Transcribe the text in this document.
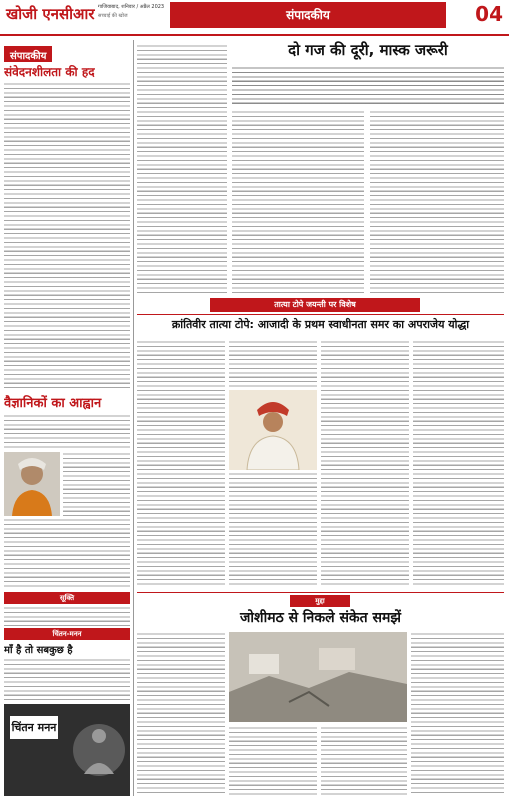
खोजी एनसीआर गाजियाबाद, शनिवार / अप्रैल 2023
सच्चाई की खोज	संपादकीय	04
संपादकीय
संवेदनशीलता की हद
वैज्ञानिकों का आह्वान
सूक्ति
चिंतन-मनन
माँ है तो सबकुछ है
चिंतन मनन
दो गज की दूरी, मास्क जरूरी
तात्या टोपे जयन्ती पर विशेष
क्रांतिवीर तात्या टोपे: आजादी के प्रथम स्वाधीनता समर का अपराजेय योद्धा
मुद्दा
जोशीमठ से निकले संकेत समझें
